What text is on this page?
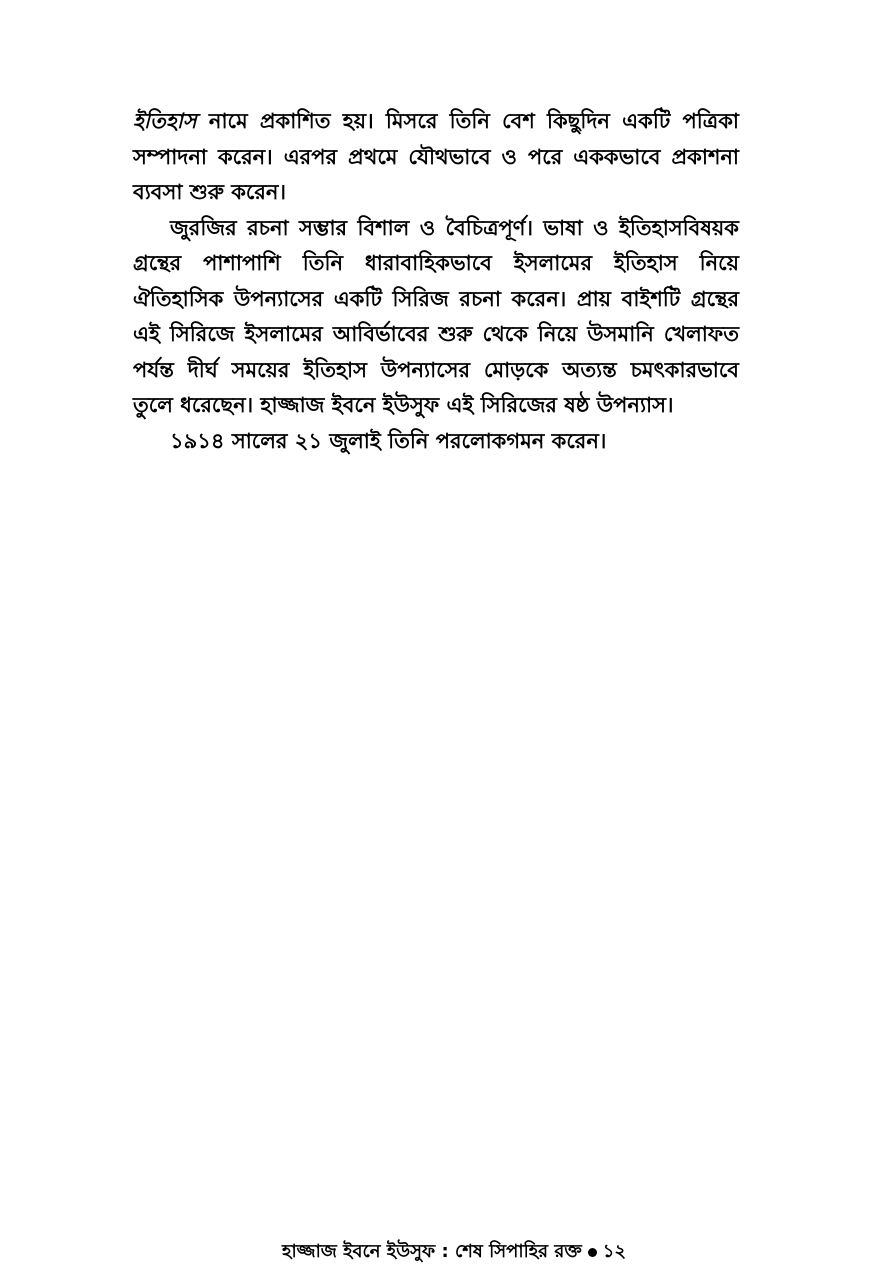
ইতিহাস নামে প্রকাশিত হয়। মিসরে তিনি বেশ কিছুদিন একটি পত্রিকা সম্পাদনা করেন। এরপর প্রথমে যৌথভাবে ও পরে এককভাবে প্রকাশনা ব্যবসা শুরু করেন।

জুরজির রচনা সম্ভার বিশাল ও বৈচিত্রপূর্ণ। ভাষা ও ইতিহাসবিষয়ক গ্রন্থের পাশাপাশি তিনি ধারাবাহিকভাবে ইসলামের ইতিহাস নিয়ে ঐতিহাসিক উপন্যাসের একটি সিরিজ রচনা করেন। প্রায় বাইশটি গ্রন্থের এই সিরিজে ইসলামের আবির্ভাবের শুরু থেকে নিয়ে উসমানি খেলাফত পর্যন্ত দীর্ঘ সময়ের ইতিহাস উপন্যাসের মোড়কে অত্যন্ত চমৎকারভাবে তুলে ধরেছেন। হাজ্জাজ ইবনে ইউসুফ এই সিরিজের ষষ্ঠ উপন্যাস।

১৯১৪ সালের ২১ জুলাই তিনি পরলোকগমন করেন।

হাজ্জাজ ইবনে ইউসুফ : শেষ সিপাহির রক্ত ১২
